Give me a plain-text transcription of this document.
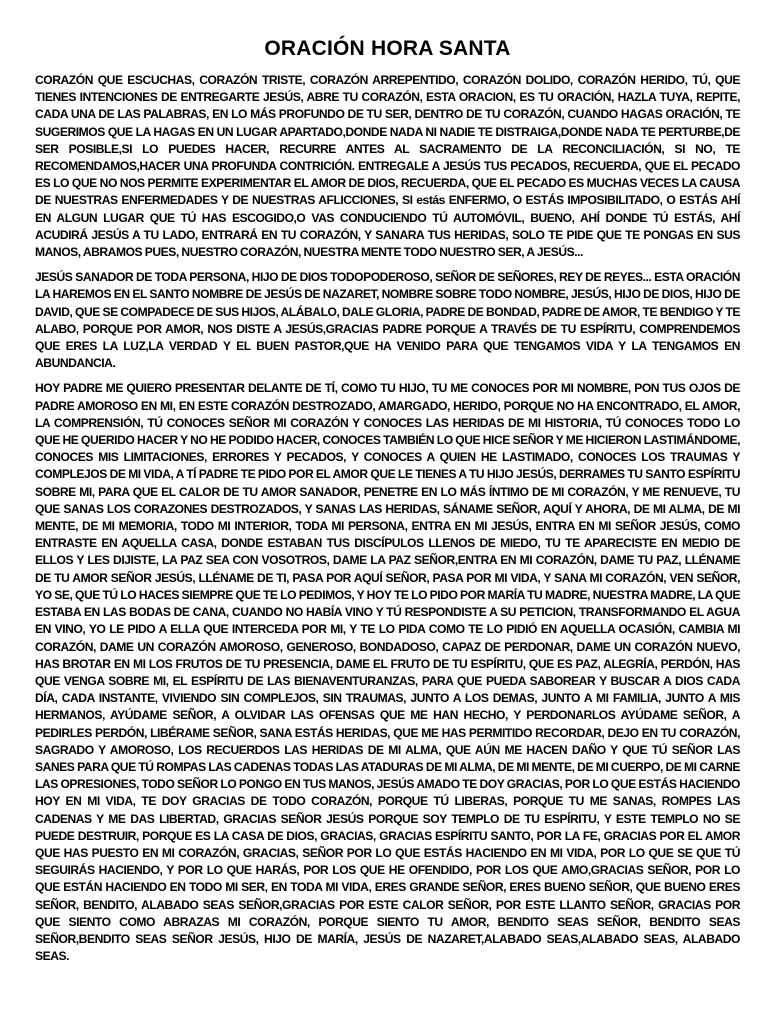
ORACIÓN HORA SANTA

CORAZÓN QUE ESCUCHAS, CORAZÓN TRISTE, CORAZÓN ARREPENTIDO, CORAZÓN DOLIDO, CORAZÓN HERIDO, TÚ, QUE TIENES INTENCIONES DE ENTREGARTE JESÚS, ABRE TU CORAZÓN, ESTA ORACION, ES TU ORACIÓN, HAZLA TUYA, REPITE, CADA UNA DE LAS PALABRAS, EN LO MÁS PROFUNDO DE TU SER, DENTRO DE TU CORAZÓN, CUANDO HAGAS ORACIÓN, TE SUGERIMOS QUE LA HAGAS EN UN LUGAR APARTADO,DONDE NADA NI NADIE TE DISTRAIGA,DONDE NADA TE PERTURBE,DE SER POSIBLE,SI LO PUEDES HACER, RECURRE ANTES AL SACRAMENTO DE LA RECONCILIACIÓN, SI NO, TE RECOMENDAMOS,HACER UNA PROFUNDA CONTRICIÓN. ENTREGALE A JESÚS TUS PECADOS, RECUERDA, QUE EL PECADO ES LO QUE NO NOS PERMITE EXPERIMENTAR EL AMOR DE DIOS, RECUERDA, QUE EL PECADO ES MUCHAS VECES LA CAUSA DE NUESTRAS ENFERMEDADES Y DE NUESTRAS AFLICCIONES, SI estás ENFERMO, O ESTÁS IMPOSIBILITADO, O ESTÁS AHÍ EN ALGUN LUGAR QUE TÚ HAS ESCOGIDO,O VAS CONDUCIENDO TÚ AUTOMÓVIL, BUENO, AHÍ DONDE TÚ ESTÁS, AHÍ ACUDIRÁ JESÚS A TU LADO, ENTRARÁ EN TU CORAZÓN, Y SANARA TUS HERIDAS, SOLO TE PIDE QUE TE PONGAS EN SUS MANOS, ABRAMOS PUES, NUESTRO CORAZÓN, NUESTRA MENTE TODO NUESTRO SER, A JESÚS...

JESÚS SANADOR DE TODA PERSONA, HIJO DE DIOS TODOPODEROSO, SEÑOR DE SEÑORES, REY DE REYES... ESTA ORACIÓN LA HAREMOS EN EL SANTO NOMBRE DE JESÚS DE NAZARET, NOMBRE SOBRE TODO NOMBRE, JESÚS, HIJO DE DIOS, HIJO DE DAVID, QUE SE COMPADECE DE SUS HIJOS, ALÁBALO, DALE GLORIA, PADRE DE BONDAD, PADRE DE AMOR, TE BENDIGO Y TE ALABO, PORQUE POR AMOR, NOS DISTE A JESÚS,GRACIAS PADRE PORQUE A TRAVÉS DE TU ESPÍRITU, COMPRENDEMOS QUE ERES LA LUZ,LA VERDAD Y EL BUEN PASTOR,QUE HA VENIDO PARA QUE TENGAMOS VIDA Y LA TENGAMOS EN ABUNDANCIA.

HOY PADRE ME QUIERO PRESENTAR DELANTE DE TÍ, COMO TU HIJO, TU ME CONOCES POR MI NOMBRE, PON TUS OJOS DE PADRE AMOROSO EN MI, EN ESTE CORAZÓN DESTROZADO, AMARGADO, HERIDO, PORQUE NO HA ENCONTRADO, EL AMOR, LA COMPRENSIÓN, TÚ CONOCES SEÑOR MI CORAZÓN Y CONOCES LAS HERIDAS DE MI HISTORIA, TÚ CONOCES TODO LO QUE HE QUERIDO HACER Y NO HE PODIDO HACER, CONOCES TAMBIÉN LO QUE HICE SEÑOR Y ME HICIERON LASTIMÁNDOME, CONOCES MIS LIMITACIONES, ERRORES Y PECADOS, Y CONOCES A QUIEN HE LASTIMADO, CONOCES LOS TRAUMAS Y COMPLEJOS DE MI VIDA, A TÍ PADRE TE PIDO POR EL AMOR QUE LE TIENES A TU HIJO JESÚS, DERRAMES TU SANTO ESPÍRITU SOBRE MI, PARA QUE EL CALOR DE TU AMOR SANADOR, PENETRE EN LO MÁS ÍNTIMO DE MI CORAZÓN, Y ME RENUEVE, TU QUE SANAS LOS CORAZONES DESTROZADOS, Y SANAS LAS HERIDAS, SÁNAME SEÑOR, AQUÍ Y AHORA, DE MI ALMA, DE MI MENTE, DE MI MEMORIA, TODO MI INTERIOR, TODA MI PERSONA, ENTRA EN MI JESÚS, ENTRA EN MI SEÑOR JESÚS, COMO ENTRASTE EN AQUELLA CASA, DONDE ESTABAN TUS DISCÍPULOS LLENOS DE MIEDO, TU TE APARECISTE EN MEDIO DE ELLOS Y LES DIJISTE, LA PAZ SEA CON VOSOTROS, DAME LA PAZ SEÑOR,ENTRA EN MI CORAZÓN, DAME TU PAZ, LLÉNAME DE TU AMOR SEÑOR JESÚS, LLÉNAME DE TI, PASA POR AQUÍ SEÑOR, PASA POR MI VIDA, Y SANA MI CORAZÓN, VEN SEÑOR, YO SE, QUE TÚ LO HACES SIEMPRE QUE TE LO PEDIMOS, Y HOY TE LO PIDO POR MARÍA TU MADRE, NUESTRA MADRE, LA QUE ESTABA EN LAS BODAS DE CANA, CUANDO NO HABÍA VINO Y TÚ RESPONDISTE A SU PETICION, TRANSFORMANDO EL AGUA EN VINO, YO LE PIDO A ELLA QUE INTERCEDA POR MI, Y TE LO PIDA COMO TE LO PIDIÓ EN AQUELLA OCASIÓN, CAMBIA MI CORAZÓN, DAME UN CORAZÓN AMOROSO, GENEROSO, BONDADOSO, CAPAZ DE PERDONAR, DAME UN CORAZÓN NUEVO, HAS BROTAR EN MI LOS FRUTOS DE TU PRESENCIA, DAME EL FRUTO DE TU ESPÍRITU, QUE ES PAZ, ALEGRÍA, PERDÓN, HAS QUE VENGA SOBRE MI, EL ESPÍRITU DE LAS BIENAVENTURANZAS, PARA QUE PUEDA SABOREAR Y BUSCAR A DIOS CADA DÍA, CADA INSTANTE, VIVIENDO SIN COMPLEJOS, SIN TRAUMAS, JUNTO A LOS DEMAS, JUNTO A MI FAMILIA, JUNTO A MIS HERMANOS, AYÚDAME SEÑOR, A OLVIDAR LAS OFENSAS QUE ME HAN HECHO, Y PERDONARLOS AYÚDAME SEÑOR, A PEDIRLES PERDÓN, LIBÉRAME SEÑOR, SANA ESTÁS HERIDAS, QUE ME HAS PERMITIDO RECORDAR, DEJO EN TU CORAZÓN, SAGRADO Y AMOROSO, LOS RECUERDOS LAS HERIDAS DE MI ALMA, QUE AÚN ME HACEN DAÑO Y QUE TÚ SEÑOR LAS SANES PARA QUE TÚ ROMPAS LAS CADENAS TODAS LAS ATADURAS DE MI ALMA, DE MI MENTE, DE MI CUERPO, DE MI CARNE LAS OPRESIONES, TODO SEÑOR LO PONGO EN TUS MANOS, JESÚS AMADO TE DOY GRACIAS, POR LO QUE ESTÁS HACIENDO HOY EN MI VIDA, TE DOY GRACIAS DE TODO CORAZÓN, PORQUE TÚ LIBERAS, PORQUE TU ME SANAS, ROMPES LAS CADENAS Y ME DAS LIBERTAD, GRACIAS SEÑOR JESÚS PORQUE SOY TEMPLO DE TU ESPÍRITU, Y ESTE TEMPLO NO SE PUEDE DESTRUIR, PORQUE ES LA CASA DE DIOS, GRACIAS, GRACIAS ESPÍRITU SANTO, POR LA FE, GRACIAS POR EL AMOR QUE HAS PUESTO EN MI CORAZÓN, GRACIAS, SEÑOR POR LO QUE ESTÁS HACIENDO EN MI VIDA, POR LO QUE SE QUE TÚ SEGUIRÁS HACIENDO, Y POR LO QUE HARÁS, POR LOS QUE HE OFENDIDO, POR LOS QUE AMO,GRACIAS SEÑOR, POR LO QUE ESTÁN HACIENDO EN TODO MI SER, EN TODA MI VIDA, ERES GRANDE SEÑOR, ERES BUENO SEÑOR, QUE BUENO ERES SEÑOR, BENDITO, ALABADO SEAS SEÑOR,GRACIAS POR ESTE CALOR SEÑOR, POR ESTE LLANTO SEÑOR, GRACIAS POR QUE SIENTO COMO ABRAZAS MI CORAZÓN, PORQUE SIENTO TU AMOR, BENDITO SEAS SEÑOR, BENDITO SEAS SEÑOR,BENDITO SEAS SEÑOR JESÚS, HIJO DE MARÍA, JESÚS DE NAZARET,ALABADO SEAS,ALABADO SEAS, ALABADO SEAS.
